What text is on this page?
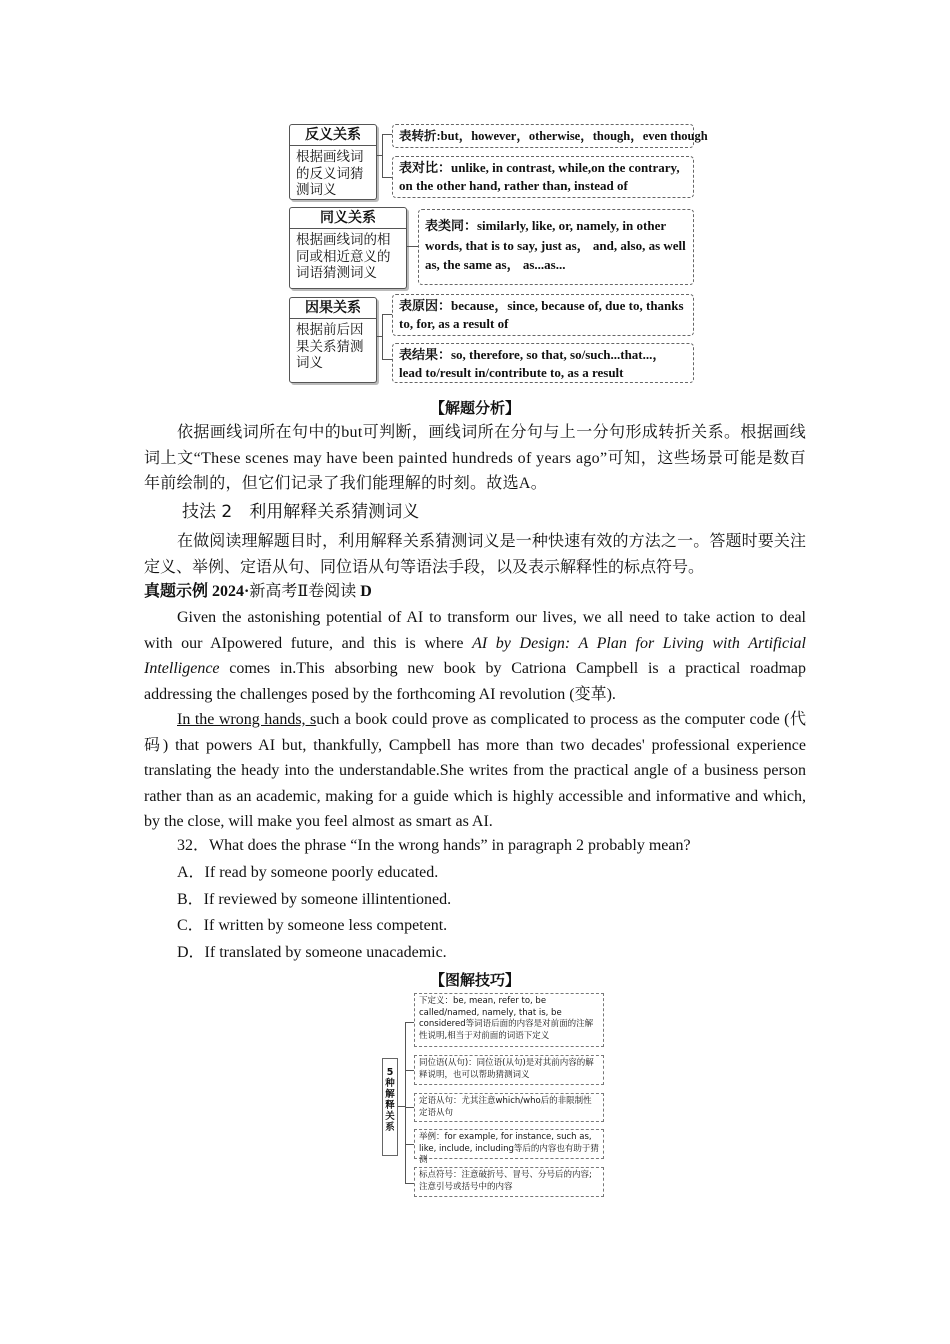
反义关系
根据画线词的反义词猜测词义
同义关系
根据画线词的相同或相近意义的词语猜测词义
因果关系
根据前后因果关系猜测词义
表转折:but，however，otherwise，though，even though
表对比：unlike, in contrast, while,on the contrary, on the other hand, rather than, instead of
表类同：similarly, like, or, namely, in other words, that is to say, just as， and, also, as well as, the same as， as...as...
表原因：because，since, because of, due to, thanks to, for, as a result of
表结果：so, therefore, so that, so/such...that...， lead to/result in/contribute to, as a result
【解题分析】
依据画线词所在句中的but可判断，画线词所在分句与上一分句形成转折关系。根据画线词上文“These scenes may have been painted hundreds of years ago”可知，这些场景可能是数百年前绘制的，但它们记录了我们能理解的时刻。故选A。
技法 2　利用解释关系猜测词义
在做阅读理解题目时，利用解释关系猜测词义是一种快速有效的方法之一。答题时要关注定义、举例、定语从句、同位语从句等语法手段，以及表示解释性的标点符号。
真题示例 2024·新高考Ⅱ卷阅读 D
Given the astonishing potential of AI to transform our lives, we all need to take action to deal with our AIpowered future, and this is where AI by Design: A Plan for Living with Artificial Intelligence comes in.This absorbing new book by Catriona Campbell is a practical roadmap addressing the challenges posed by the forthcoming AI revolution (变革).
In the wrong hands, such a book could prove as complicated to process as the computer code (代码) that powers AI but, thankfully, Campbell has more than two decades' professional experience translating the heady into the understandable.She writes from the practical angle of a business person rather than as an academic, making for a guide which is highly accessible and informative and which, by the close, will make you feel almost as smart as AI.
32．What does the phrase “In the wrong hands” in paragraph 2 probably mean?
A．If read by someone poorly educated.
B．If reviewed by someone illintentioned.
C．If written by someone less competent.
D．If translated by someone unacademic.
【图解技巧】
5种解释关系
下定义：be, mean, refer to, be called/named, namely, that is, be considered等词语后面的内容是对前面的注解性说明,相当于对前面的词语下定义
同位语(从句)：同位语(从句)是对其前内容的解释说明，也可以帮助猜测词义
定语从句：尤其注意which/who后的非限制性定语从句
举例：for example, for instance, such as, like, include, including等后的内容也有助于猜测
标点符号：注意破折号、冒号、分号后的内容;注意引号或括号中的内容
